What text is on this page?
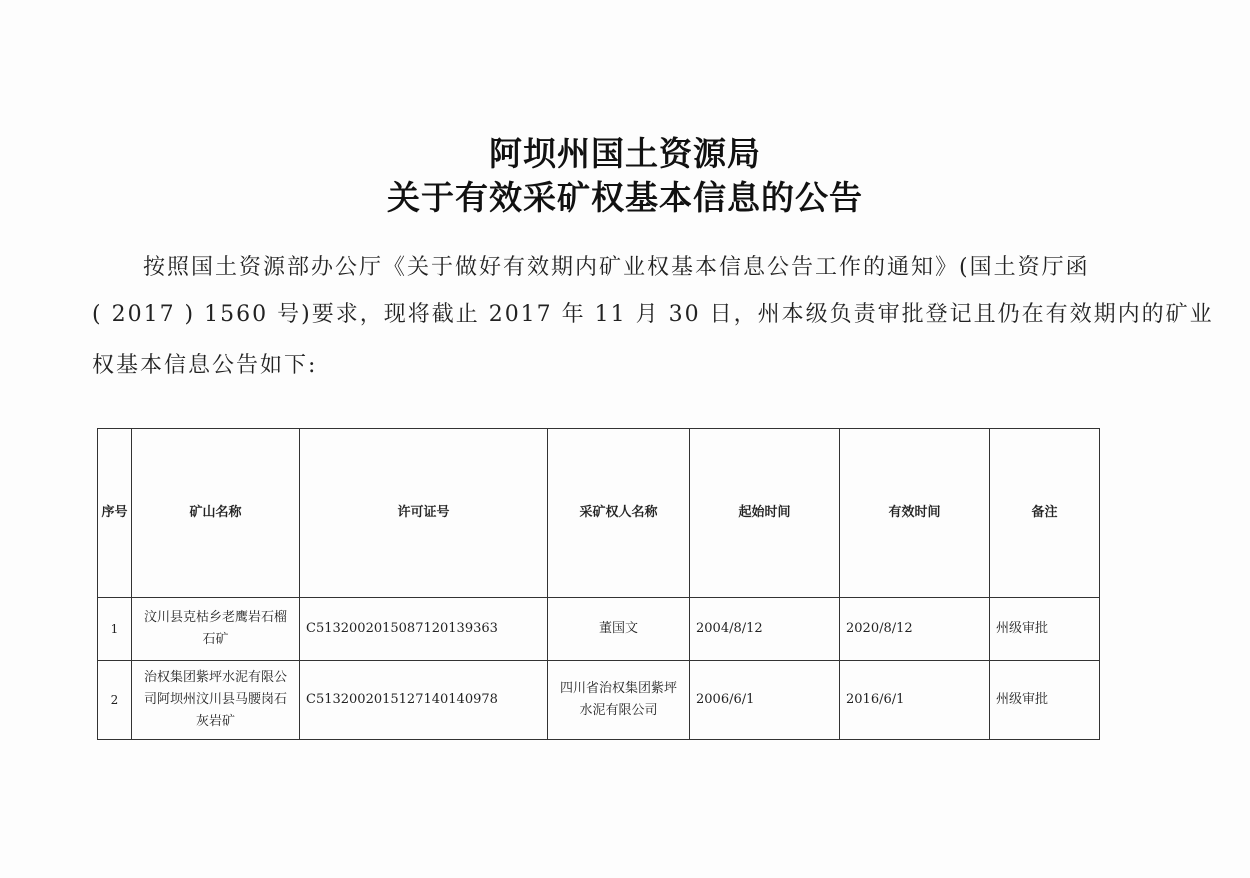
阿坝州国土资源局
关于有效采矿权基本信息的公告
按照国土资源部办公厅《关于做好有效期内矿业权基本信息公告工作的通知》(国土资厅函
( 2017 ) 1560 号)要求，现将截止 2017 年 11 月 30 日，州本级负责审批登记且仍在有效期内的矿业
权基本信息公告如下:
序号	矿山名称	许可证号	采矿权人名称	起始时间	有效时间	备注
1	汶川县克枯乡老鹰岩石榴石矿	C5132002015087120139363	董国文	2004/8/12	2020/8/12	州级审批
2	治权集团紫坪水泥有限公司阿坝州汶川县马腰岗石灰岩矿	C5132002015127140140978	四川省治权集团紫坪水泥有限公司	2006/6/1	2016/6/1	州级审批
